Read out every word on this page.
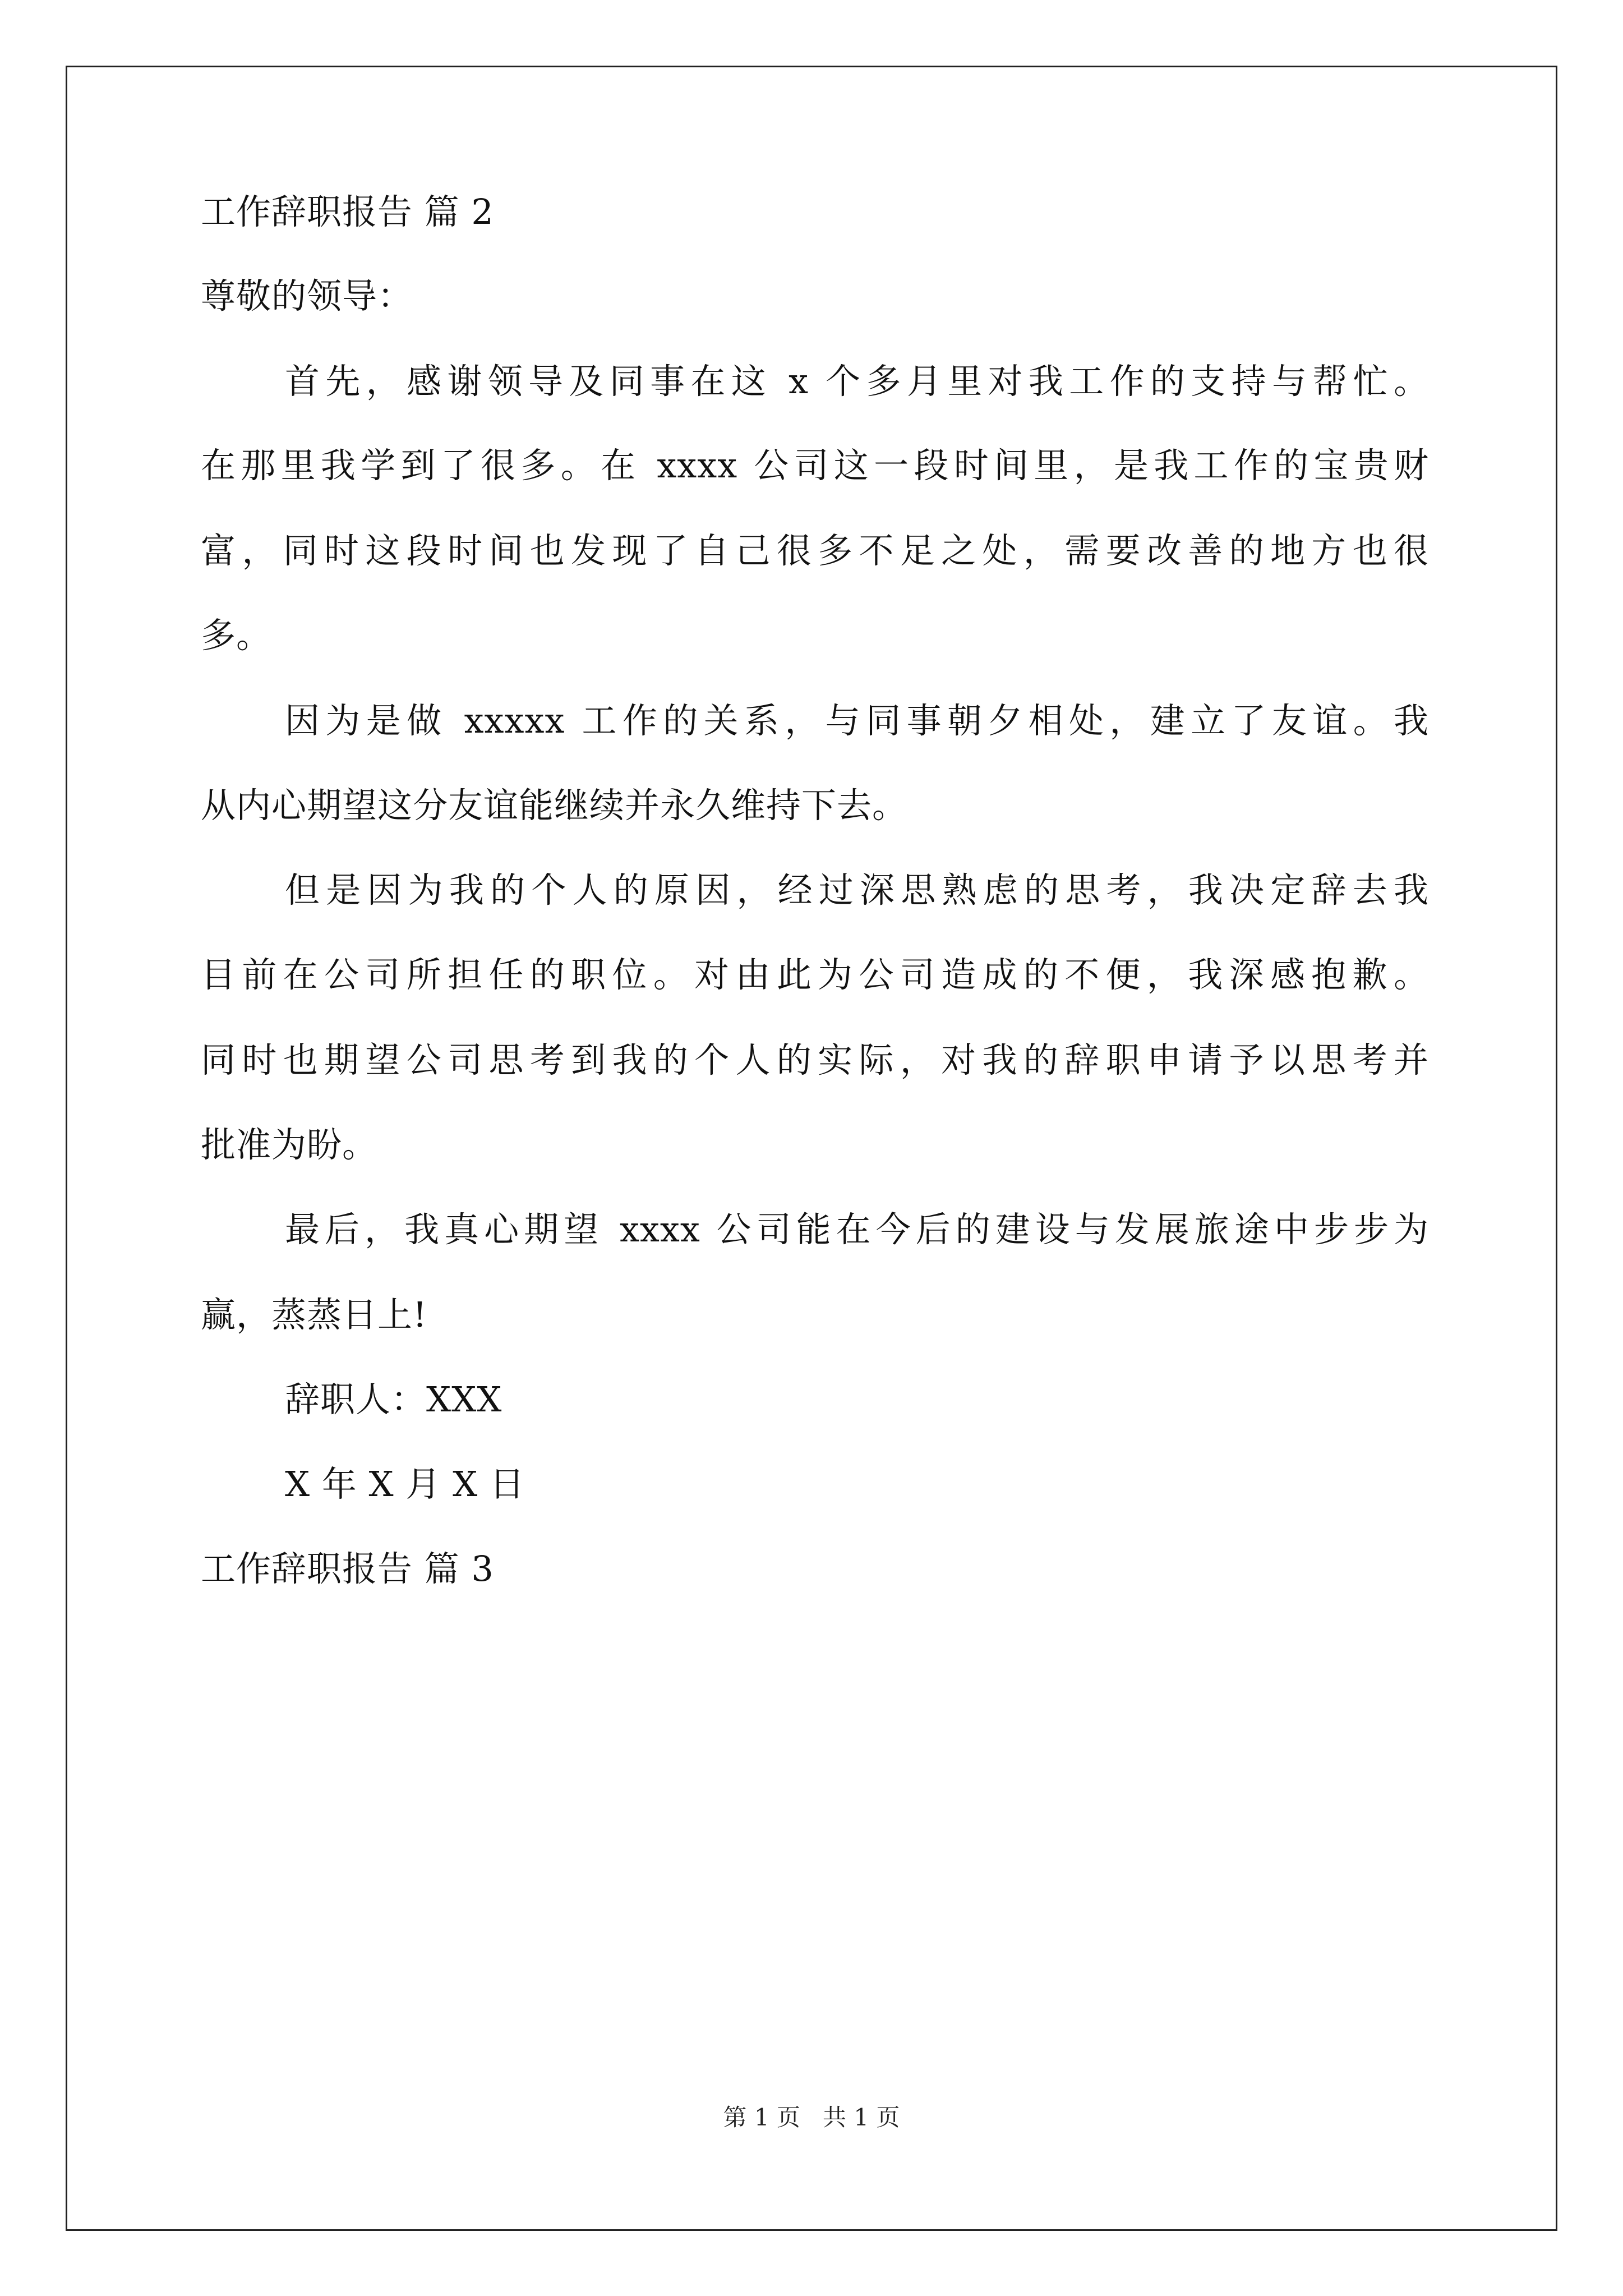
工作辞职报告 篇 2
尊敬的领导：
首先，感谢领导及同事在这 x 个多月里对我工作的支持与帮忙。
在那里我学到了很多。在 xxxx 公司这一段时间里，是我工作的宝贵财
富，同时这段时间也发现了自己很多不足之处，需要改善的地方也很
多。
因为是做 xxxxx 工作的关系，与同事朝夕相处，建立了友谊。我
从内心期望这分友谊能继续并永久维持下去。
但是因为我的个人的原因，经过深思熟虑的思考，我决定辞去我
目前在公司所担任的职位。对由此为公司造成的不便，我深感抱歉。
同时也期望公司思考到我的个人的实际，对我的辞职申请予以思考并
批准为盼。
最后，我真心期望 xxxx 公司能在今后的建设与发展旅途中步步为
赢，蒸蒸日上!
辞职人：XXX
X 年 X 月 X 日
工作辞职报告 篇 3
第 1 页   共 1 页
